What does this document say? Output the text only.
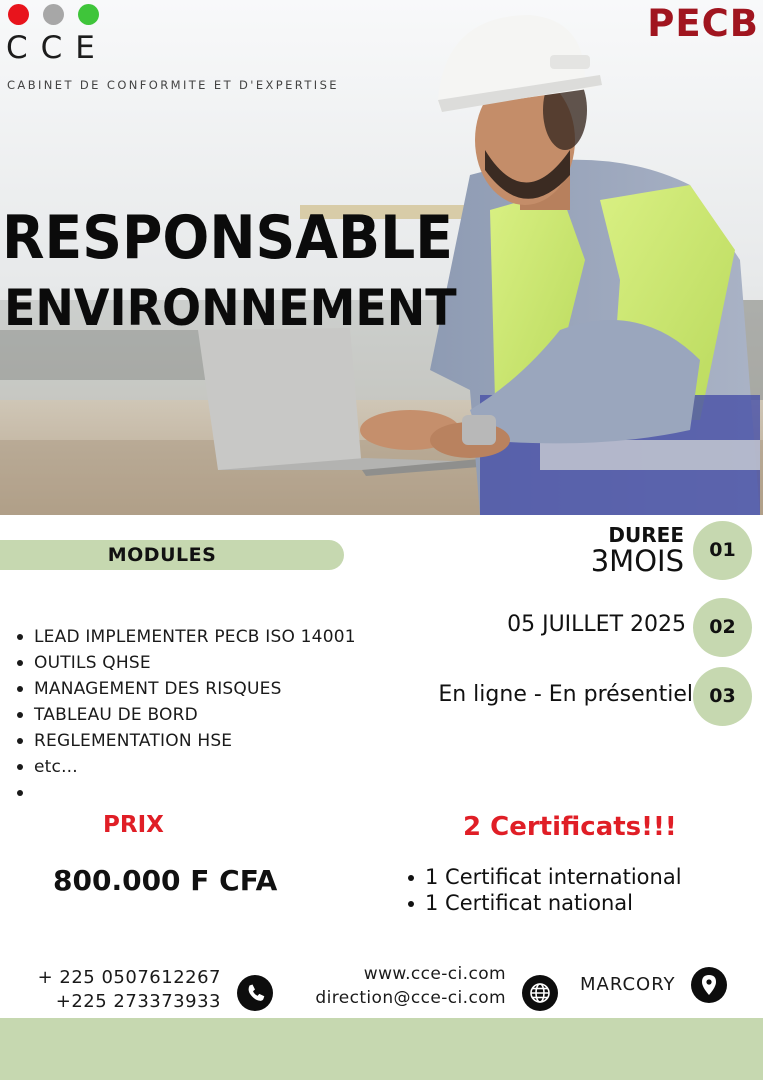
CCE
CABINET DE CONFORMITE ET D'EXPERTISE
PECB
RESPONSABLE
ENVIRONNEMENT
MODULES
LEAD IMPLEMENTER PECB ISO 14001
OUTILS QHSE
MANAGEMENT DES RISQUES
TABLEAU DE BORD
REGLEMENTATION HSE
etc...
DUREE
3MOIS	01
05 JUILLET 2025	02
En ligne - En présentiel 03
PRIX
800.000 F CFA
2 Certificats!!!
1 Certificat international
1 Certificat national
+ 225 0507612267
+225 273373933
www.cce-ci.com
direction@cce-ci.com
MARCORY
